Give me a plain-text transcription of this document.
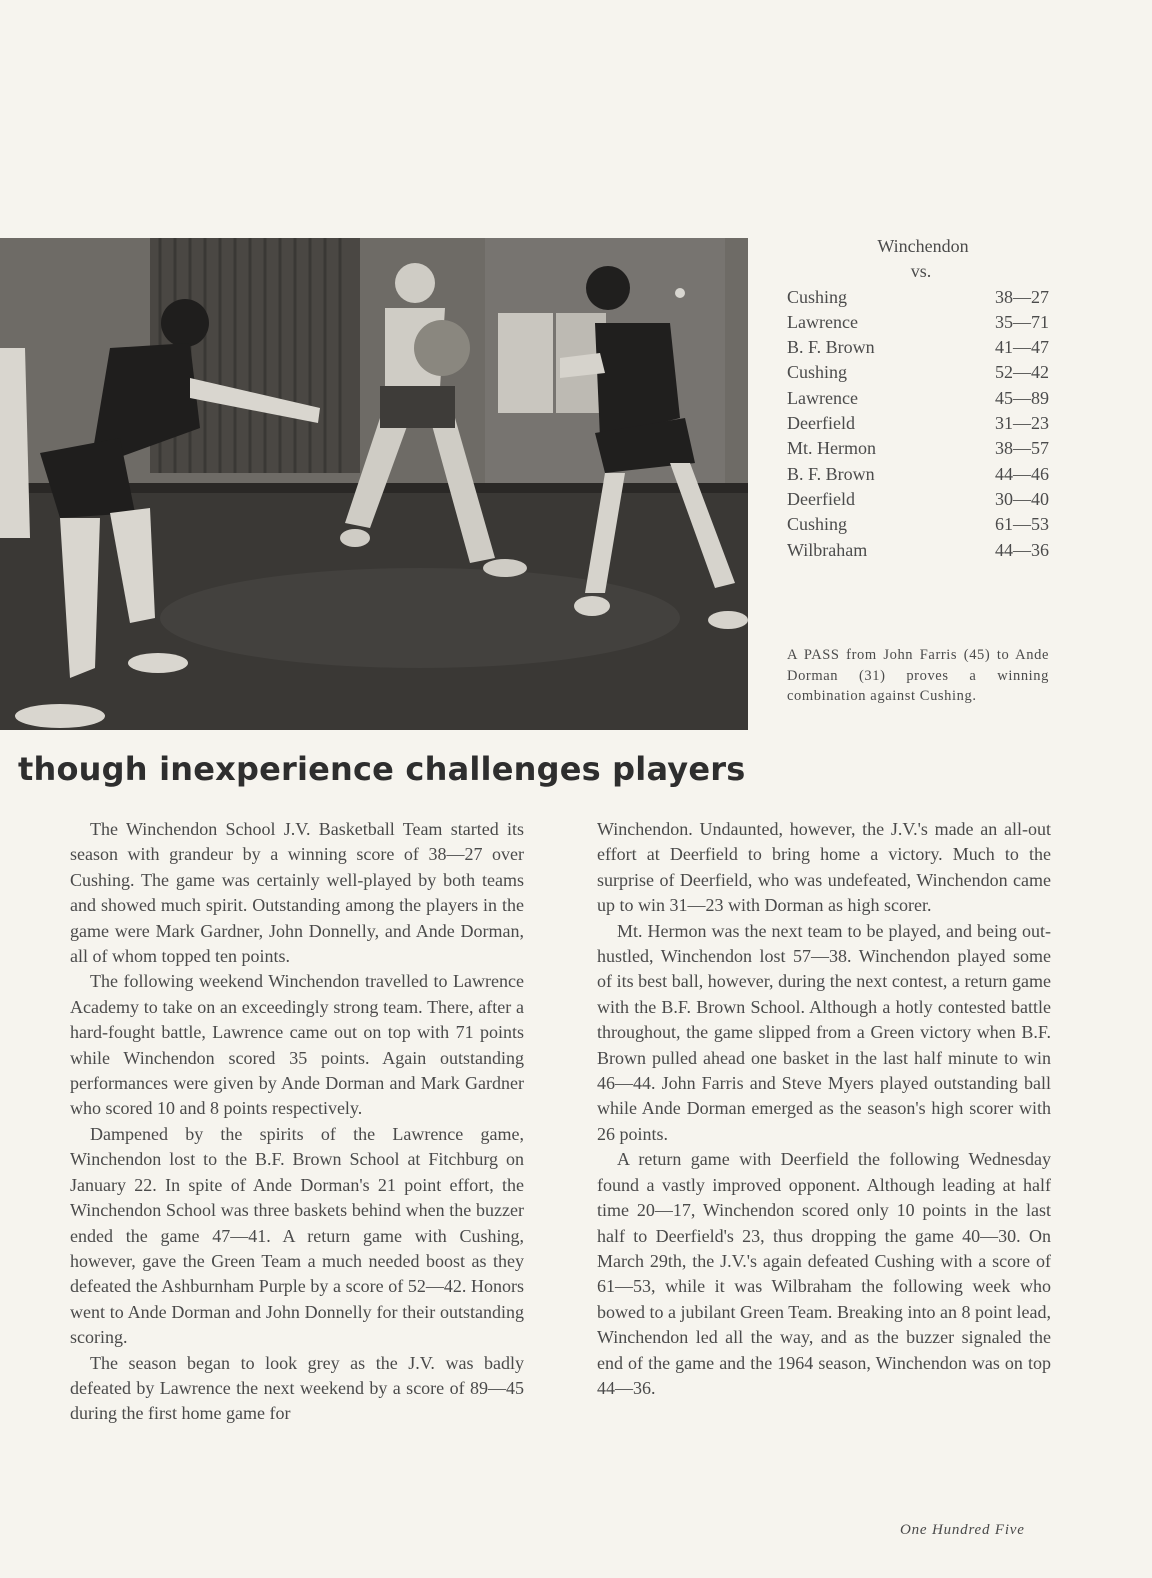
Winchendon
vs.
Cushing	38—27
Lawrence	35—71
B. F. Brown	41—47
Cushing	52—42
Lawrence	45—89
Deerfield	31—23
Mt. Hermon	38—57
B. F. Brown	44—46
Deerfield	30—40
Cushing	61—53
Wilbraham	44—36
A PASS from John Farris (45) to Ande Dorman (31) proves a winning combination against Cushing.
though inexperience challenges players

The Winchendon School J.V. Basketball Team started its season with grandeur by a winning score of 38—27 over Cushing. The game was certainly well-played by both teams and showed much spirit. Outstanding among the players in the game were Mark Gardner, John Donnelly, and Ande Dorman, all of whom topped ten points.

The following weekend Winchendon travelled to Lawrence Academy to take on an exceedingly strong team. There, after a hard-fought battle, Lawrence came out on top with 71 points while Winchendon scored 35 points. Again outstanding performances were given by Ande Dorman and Mark Gardner who scored 10 and 8 points respectively.

Dampened by the spirits of the Lawrence game, Winchendon lost to the B.F. Brown School at Fitchburg on January 22. In spite of Ande Dorman's 21 point effort, the Winchendon School was three baskets behind when the buzzer ended the game 47—41. A return game with Cushing, however, gave the Green Team a much needed boost as they defeated the Ashburnham Purple by a score of 52—42. Honors went to Ande Dorman and John Donnelly for their outstanding scoring.

The season began to look grey as the J.V. was badly defeated by Lawrence the next weekend by a score of 89—45 during the first home game for

Winchendon. Undaunted, however, the J.V.'s made an all-out effort at Deerfield to bring home a victory. Much to the surprise of Deerfield, who was undefeated, Winchendon came up to win 31—23 with Dorman as high scorer.

Mt. Hermon was the next team to be played, and being out-hustled, Winchendon lost 57—38. Winchendon played some of its best ball, however, during the next contest, a return game with the B.F. Brown School. Although a hotly contested battle throughout, the game slipped from a Green victory when B.F. Brown pulled ahead one basket in the last half minute to win 46—44. John Farris and Steve Myers played outstanding ball while Ande Dorman emerged as the season's high scorer with 26 points.

A return game with Deerfield the following Wednesday found a vastly improved opponent. Although leading at half time 20—17, Winchendon scored only 10 points in the last half to Deerfield's 23, thus dropping the game 40—30. On March 29th, the J.V.'s again defeated Cushing with a score of 61—53, while it was Wilbraham the following week who bowed to a jubilant Green Team. Breaking into an 8 point lead, Winchendon led all the way, and as the buzzer signaled the end of the game and the 1964 season, Winchendon was on top 44—36.

One Hundred Five
